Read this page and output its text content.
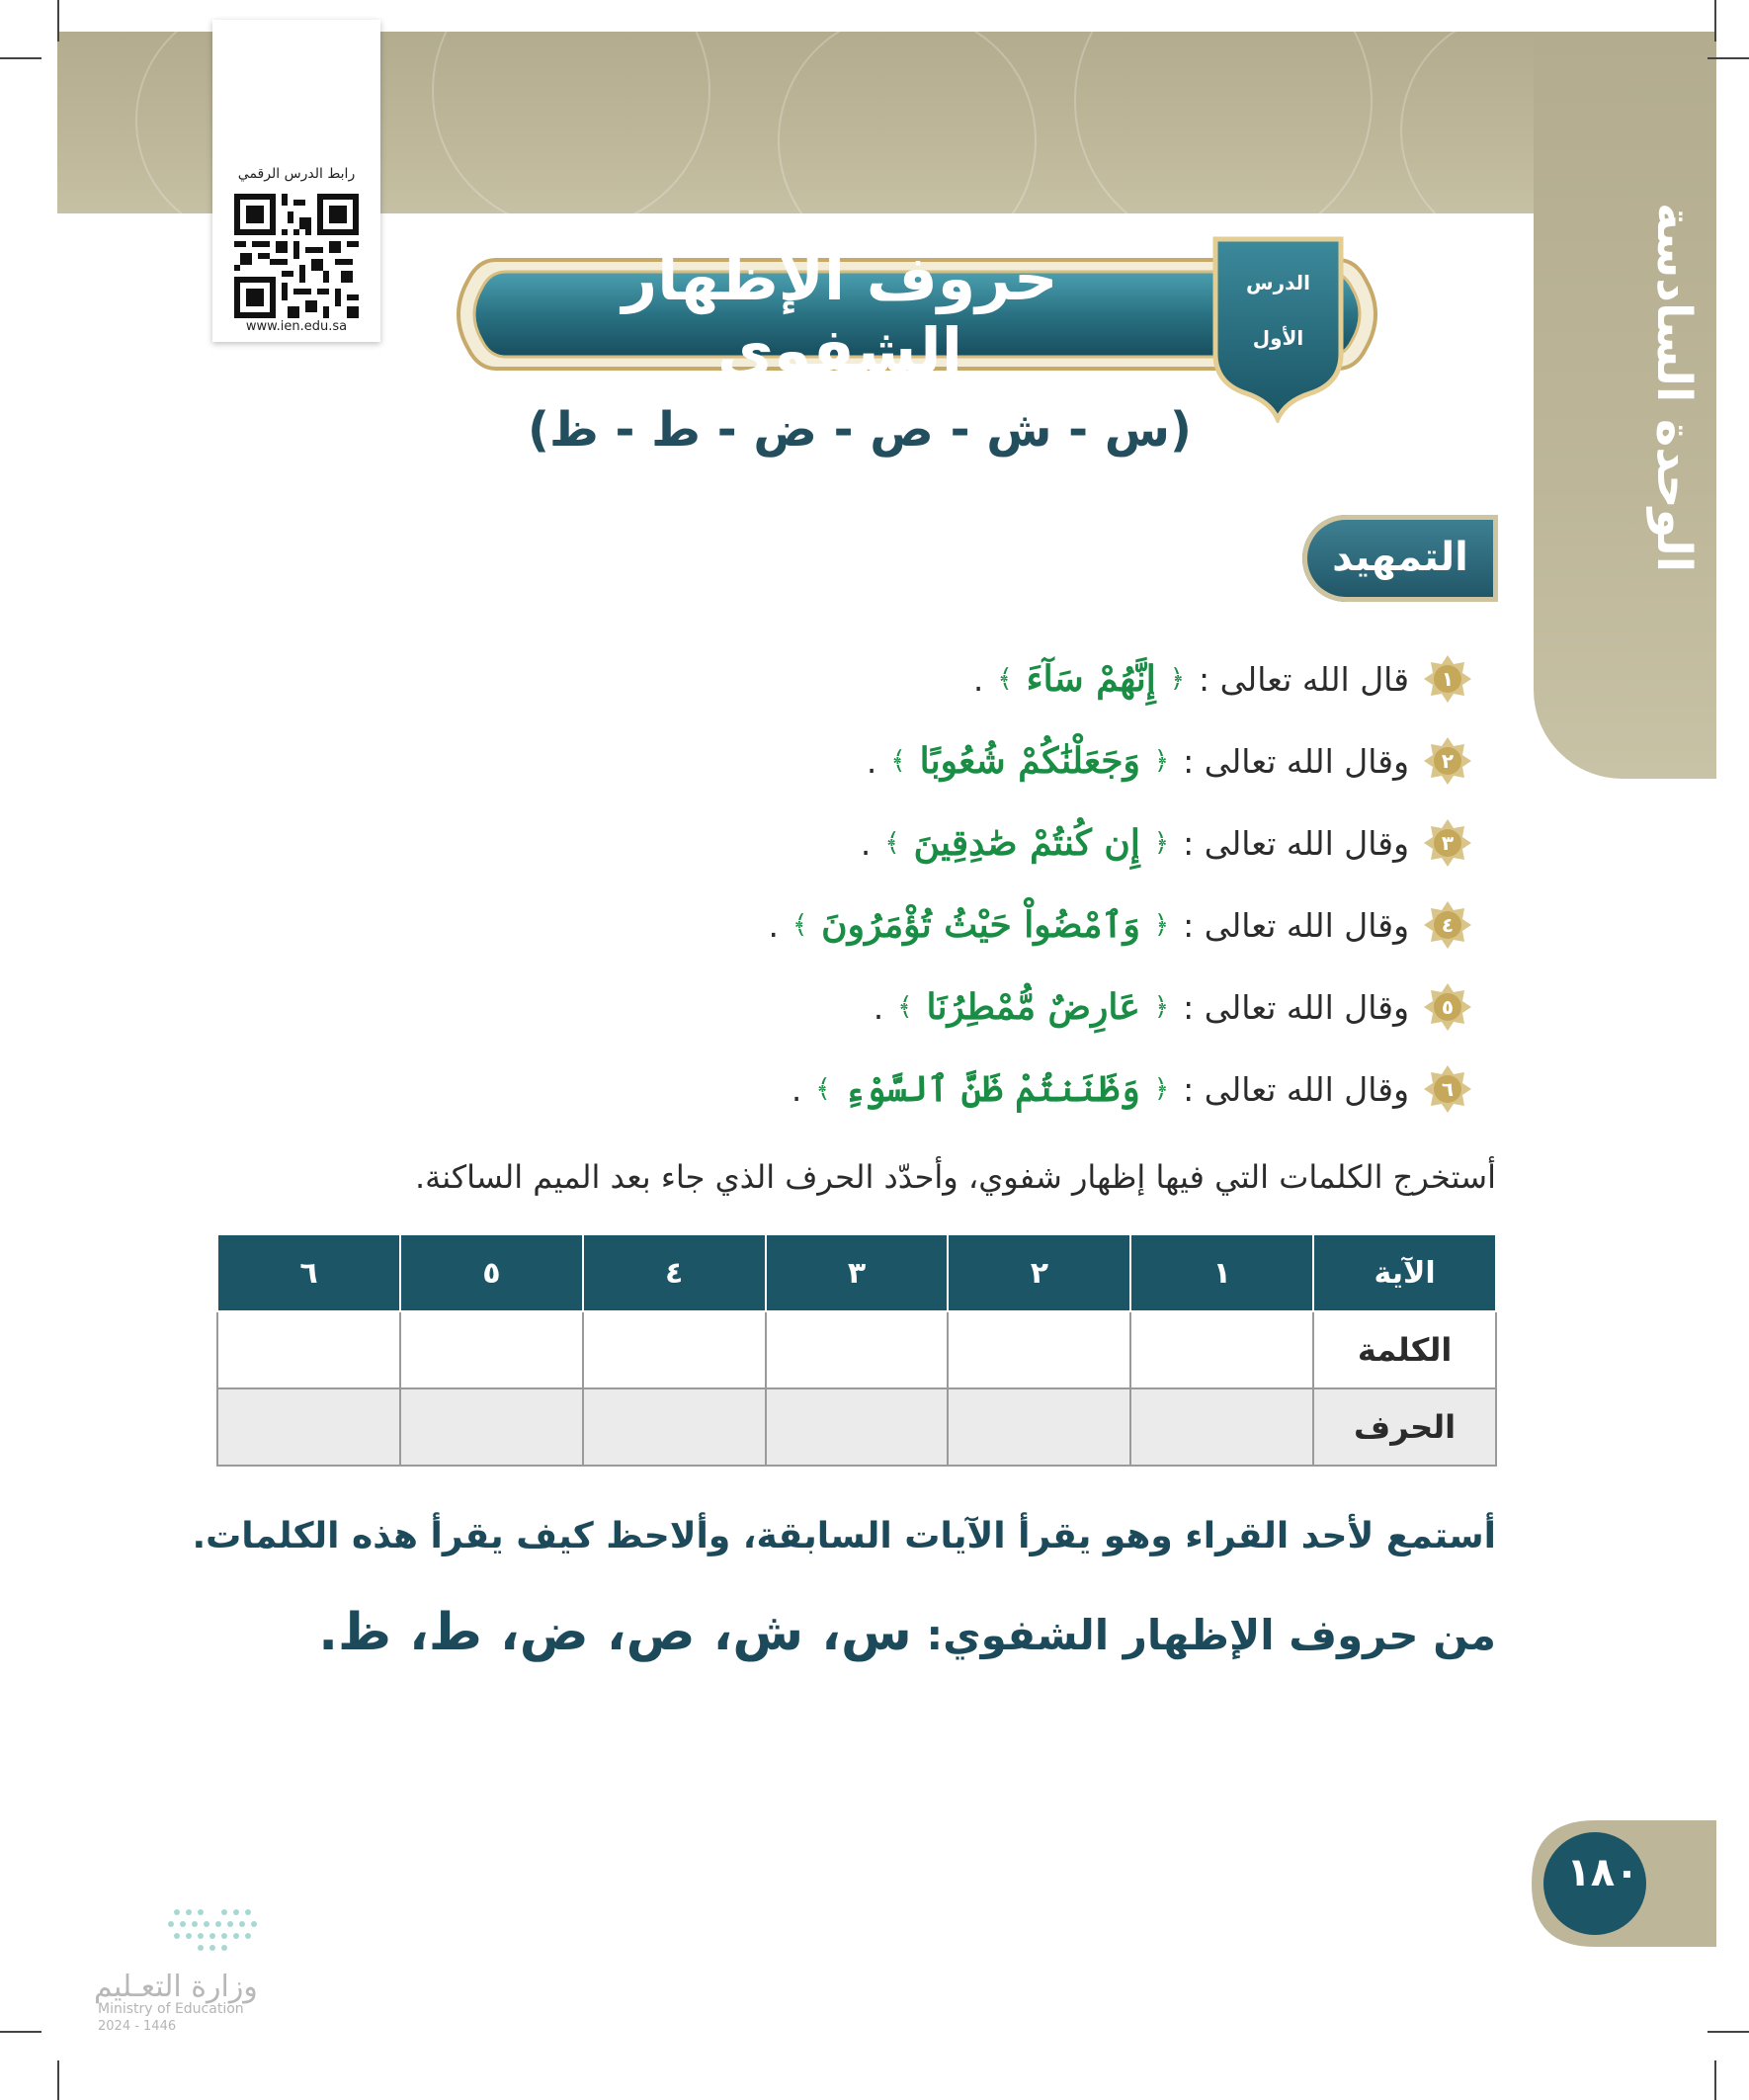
الوحدة السادسة
رابط الدرس الرقمي
www.ien.edu.sa
حروف الإظهار الشفوي
الدرس
الأول
(س - ش - ص - ض - ط - ظ)
التمهيد
١
قال الله تعالى :
﴿
إِنَّهُمْ سَآءَ
﴾
.
٢
وقال الله تعالى :
﴿
وَجَعَلْنَٰكُمْ شُعُوبًا
﴾
.
٣
وقال الله تعالى :
﴿
إِن كُنتُمْ صَٰدِقِينَ
﴾
.
٤
وقال الله تعالى :
﴿
وَٱمْضُواْ حَيْثُ تُؤْمَرُونَ
﴾
.
٥
وقال الله تعالى :
﴿
عَارِضٌ مُّمْطِرُنَا
﴾
.
٦
وقال الله تعالى :
﴿
وَظَنَنتُمْ ظَنَّ ٱلسَّوْءِ
﴾
.
أستخرج الكلمات التي فيها إظهار شفوي، وأحدّد الحرف الذي جاء بعد الميم الساكنة.
الآية	١	٢	٣	٤	٥	٦
الكلمة						
الحرف						
أستمع لأحد القراء وهو يقرأ الآيات السابقة، وألاحظ كيف يقرأ هذه الكلمات.
من حروف الإظهار الشفوي: س، ش، ص، ض، ط، ظ.
١٨٠
وزارة التعـليم
Ministry of Education
2024 - 1446
